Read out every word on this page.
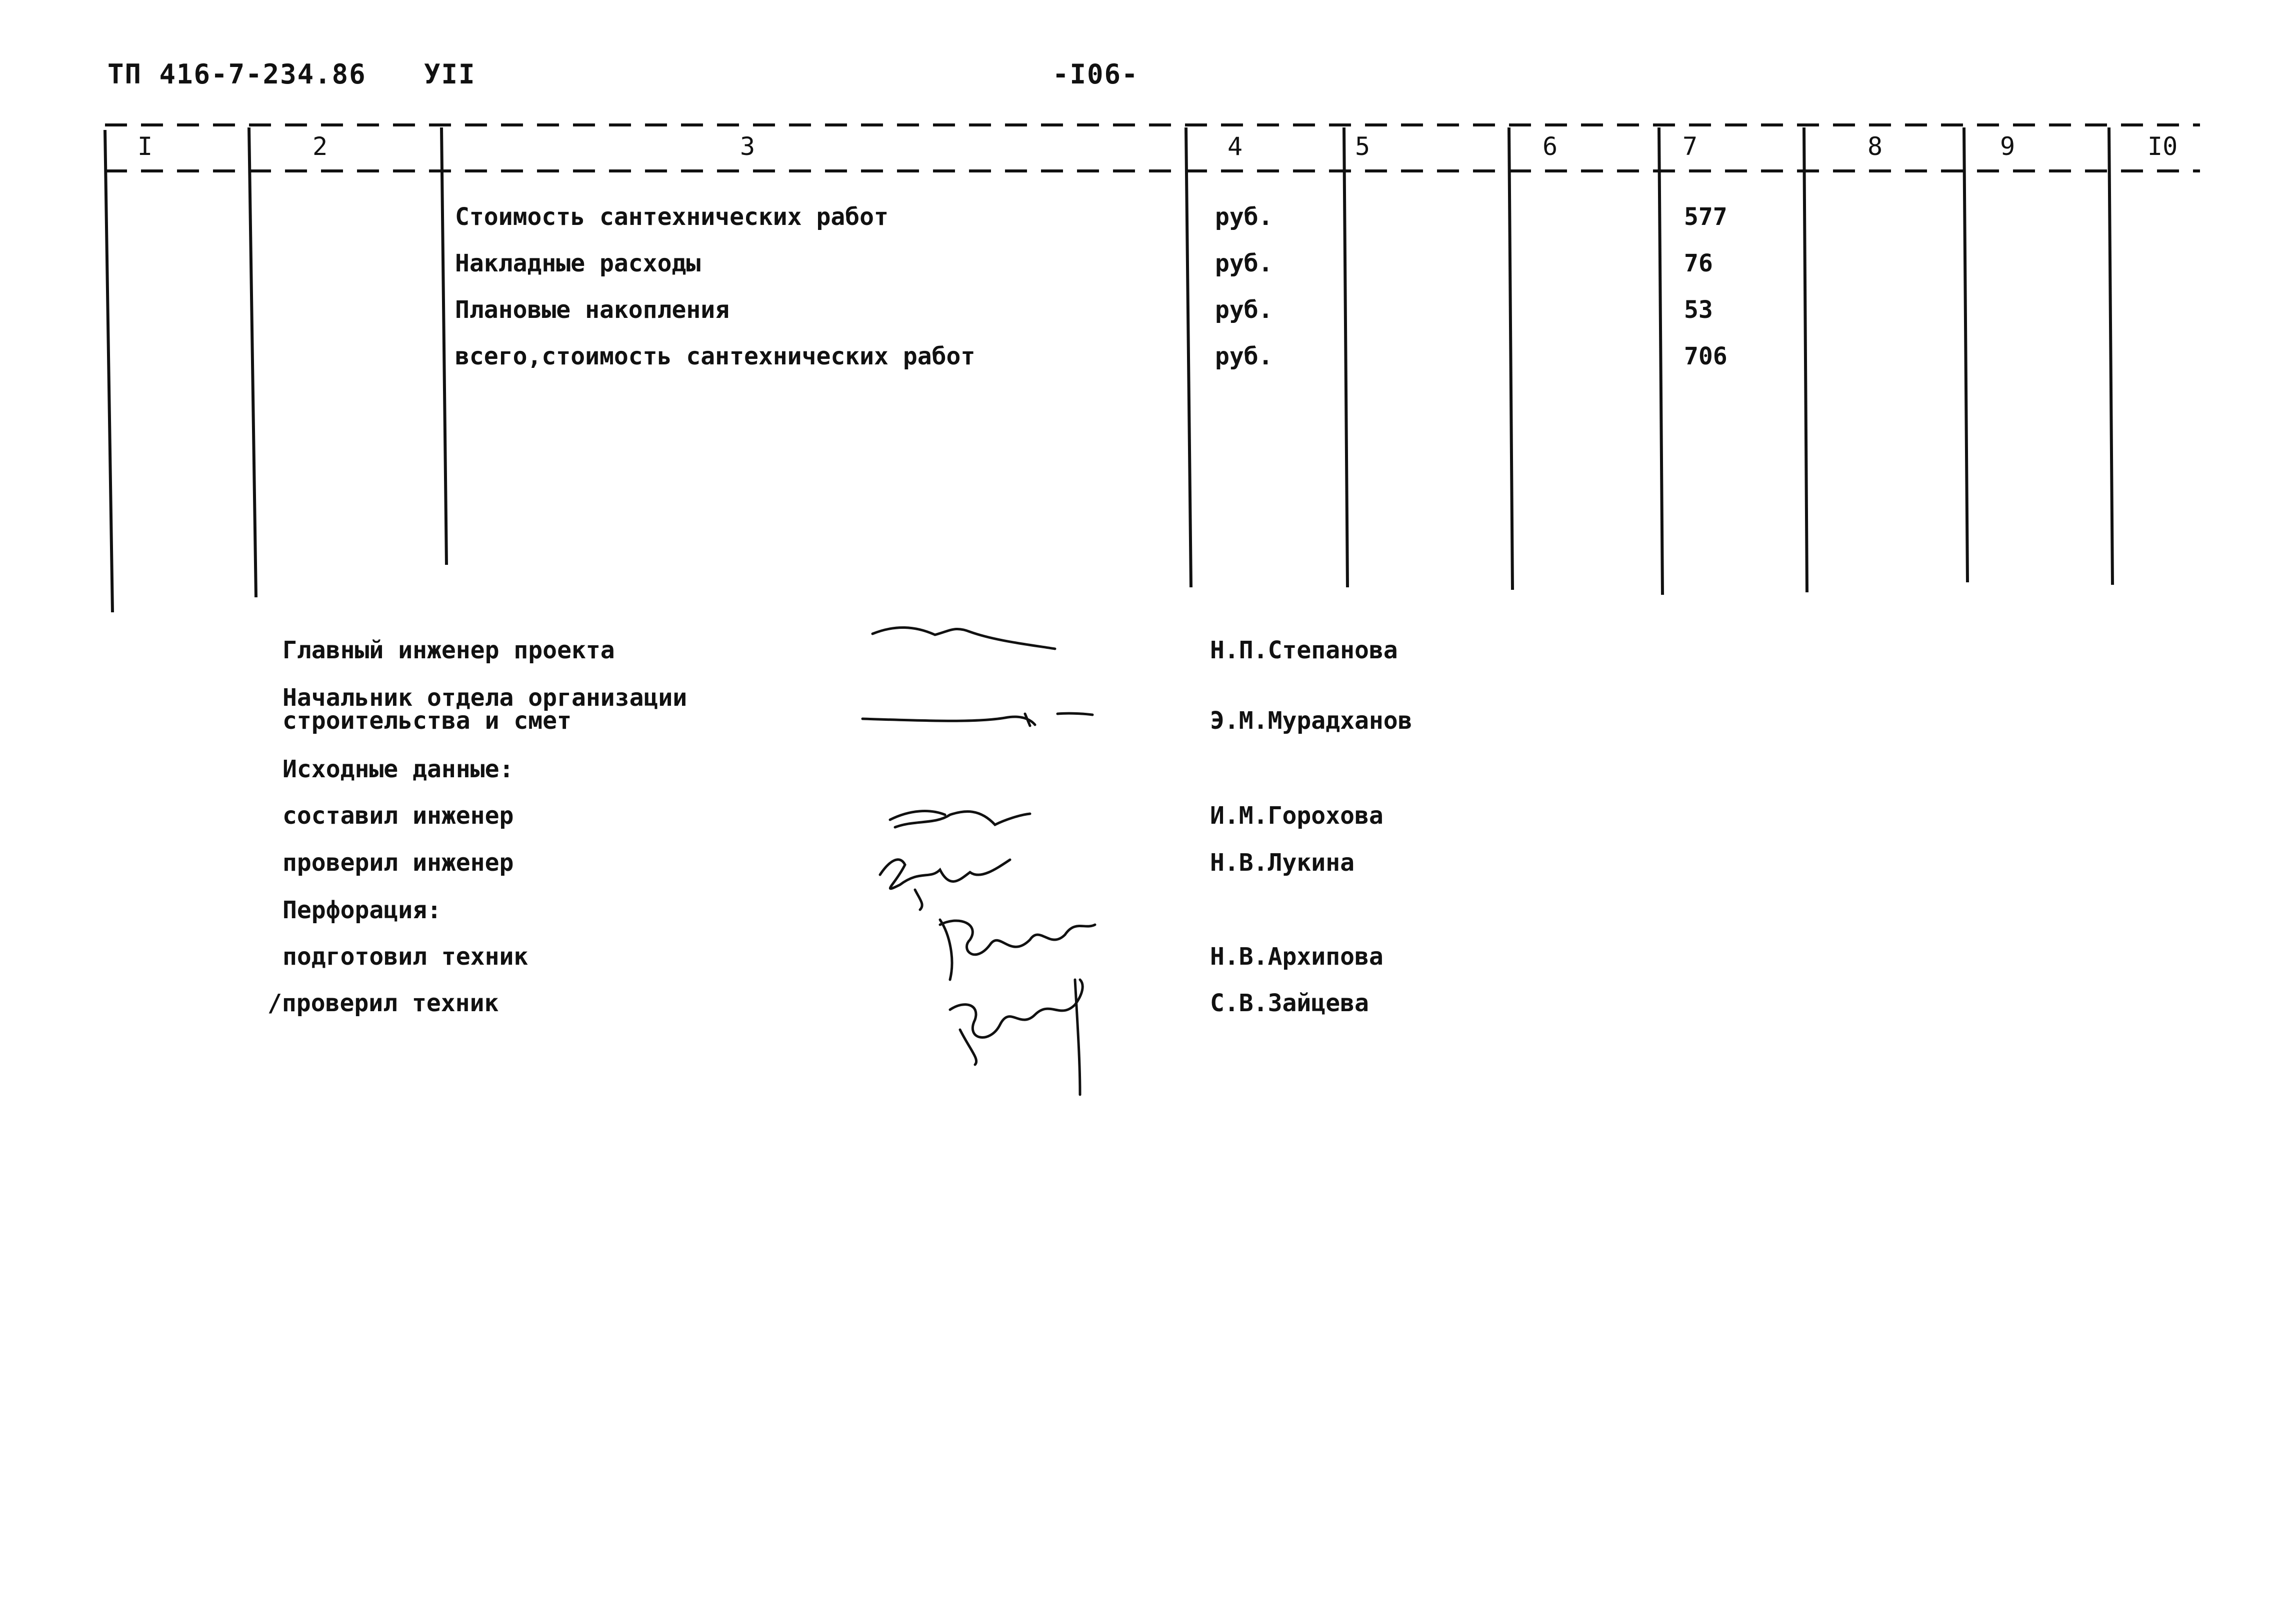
ТП 416-7-234.86 УII	-I06-
I	2	3	4	5	6	7	8	9	I0
Стоимость сантехнических работ	руб.	577
Накладные расходы	руб.	76
Плановые накопления	руб.	53
всего,стоимость сантехнических работ	руб.	706
Главный инженер проекта	Н.П.Степанова
Начальник отдела организации
строительства и смет	Э.М.Мурадханов
Исходные данные:
составил инженер	И.М.Горохова
проверил инженер	Н.В.Лукина
Перфорация:
подготовил техник	Н.В.Архипова
/проверил техник	С.В.Зайцева
